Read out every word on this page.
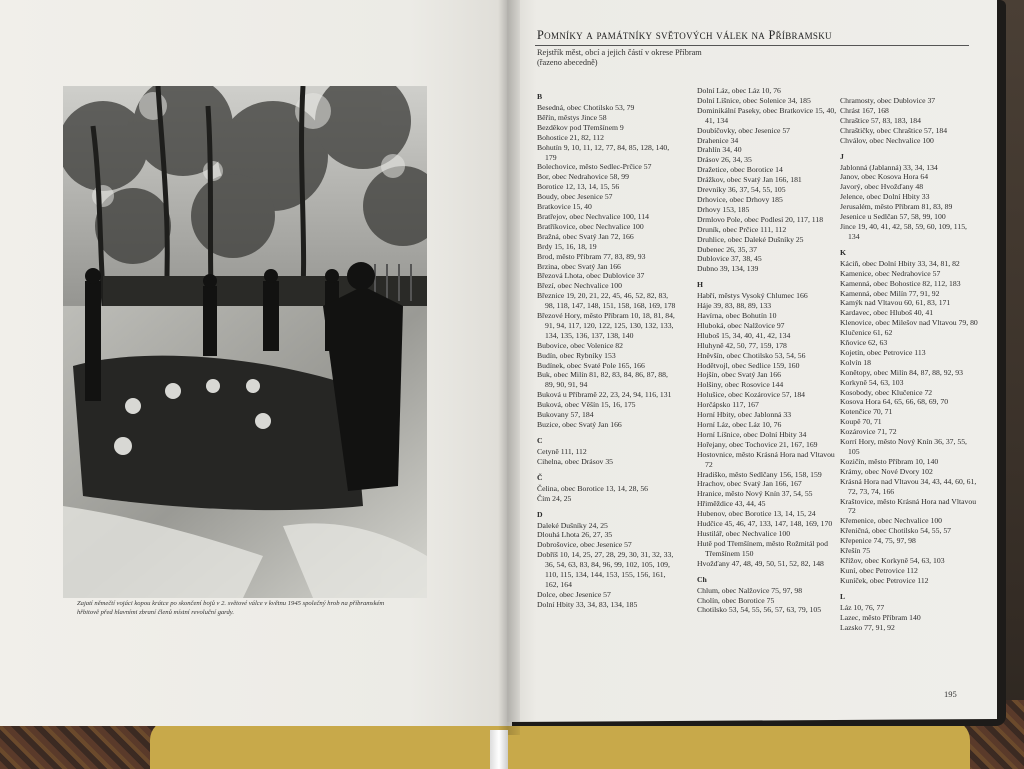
Zajatí němečtí vojáci kopou krátce po skončení bojů v 2. světové válce v květnu 1945 společný hrob na příbramském hřbitově před hlavními zbraní členů místní revoluční gardy.
Pomníky a památníky světových válek na Příbramsku
Rejstřík měst, obcí a jejich částí v okrese Příbram
(řazeno abecedně)
B
Besedná, obec Chotilsko 53, 79
Běřín, městys Jince 58
Bezděkov pod Třemšínem 9
Bohostice 21, 82, 112
Bohutín 9, 10, 11, 12, 77, 84, 85, 128, 140, 179
Bolechovice, město Sedlec-Prčice 57
Bor, obec Nedrahovice 58, 99
Borotice 12, 13, 14, 15, 56
Boudy, obec Jesenice 57
Bratkovice 15, 40
Bratřejov, obec Nechvalice 100, 114
Bratříkovice, obec Nechvalice 100
Bražná, obec Svatý Jan 72, 166
Brdy 15, 16, 18, 19
Brod, město Příbram 77, 83, 89, 93
Brzina, obec Svatý Jan 166
Březová Lhota, obec Dublovice 37
Březí, obec Nechvalice 100
Březnice 19, 20, 21, 22, 45, 46, 52, 82, 83, 98, 118, 147, 148, 151, 158, 168, 169, 178
Březové Hory, město Příbram 10, 18, 81, 84, 91, 94, 117, 120, 122, 125, 130, 132, 133, 134, 135, 136, 137, 138, 140
Bubovice, obec Volenice 82
Budín, obec Rybníky 153
Budínek, obec Svaté Pole 165, 166
Buk, obec Milín 81, 82, 83, 84, 86, 87, 88, 89, 90, 91, 94
Buková u Příbramě 22, 23, 24, 94, 116, 131
Buková, obec Věšín 15, 16, 175
Bukovany 57, 184
Buzice, obec Svatý Jan 166
C
Cetyně 111, 112
Cihelna, obec Drásov 35
Č
Čelina, obec Borotice 13, 14, 28, 56
Čím 24, 25
D
Daleké Dušníky 24, 25
Dlouhá Lhota 26, 27, 35
Dobrošovice, obec Jesenice 57
Dobříš 10, 14, 25, 27, 28, 29, 30, 31, 32, 33, 36, 54, 63, 83, 84, 96, 99, 102, 105, 109, 110, 115, 134, 144, 153, 155, 156, 161, 162, 164
Dolce, obec Jesenice 57
Dolní Hbity 33, 34, 83, 134, 185
Dolní Láz, obec Láz 10, 76
Dolní Líšnice, obec Solenice 34, 185
Dominikální Paseky, obec Bratkovice 15, 40, 41, 134
Doubíčovky, obec Jesenice 57
Drahenice 34
Drahlín 34, 40
Drásov 26, 34, 35
Dražetice, obec Borotice 14
Drážkov, obec Svatý Jan 166, 181
Drevníky 36, 37, 54, 55, 105
Drhovice, obec Drhovy 185
Drhovy 153, 185
Drmlovo Pole, obec Podlesí 20, 117, 118
Druník, obec Prčice 111, 112
Druhlice, obec Daleké Dušníky 25
Dubenec 26, 35, 37
Dublovice 37, 38, 45
Dubno 39, 134, 139
H
Habří, městys Vysoký Chlumec 166
Háje 39, 83, 88, 89, 133
Havírna, obec Bohutín 10
Hluboká, obec Nalžovice 97
Hluboš 15, 34, 40, 41, 42, 134
Hluhyně 42, 50, 77, 159, 178
Hněvšín, obec Chotilsko 53, 54, 56
Hodětvojl, obec Sedlice 159, 160
Hojšín, obec Svatý Jan 166
Holšiny, obec Rosovice 144
Holušice, obec Kozárovice 57, 184
Horčápsko 117, 167
Horní Hbity, obec Jablonná 33
Horní Láz, obec Láz 10, 76
Horní Líšnice, obec Dolní Hbity 34
Hořejany, obec Tochovice 21, 167, 169
Hostovnice, město Krásná Hora nad Vltavou 72
Hradiško, město Sedlčany 156, 158, 159
Hrachov, obec Svatý Jan 166, 167
Hranice, město Nový Knín 37, 54, 55
Hřiměždice 43, 44, 45
Hubenov, obec Borotice 13, 14, 15, 24
Hudčice 45, 46, 47, 133, 147, 148, 169, 170
Hustilář, obec Nechvalice 100
Hutě pod Třemšínem, město Rožmitál pod Třemšínem 150
Hvožďany 47, 48, 49, 50, 51, 52, 82, 148
Ch
Chlum, obec Nalžovice 75, 97, 98
Cholín, obec Borotice 75
Chotilsko 53, 54, 55, 56, 57, 63, 79, 105
Chramosty, obec Dublovice 37
Chrást 167, 168
Chraštice 57, 83, 183, 184
Chraštičky, obec Chraštice 57, 184
Chválov, obec Nechvalice 100
J
Jablonná (Jablanná) 33, 34, 134
Janov, obec Kosova Hora 64
Javorý, obec Hvožďany 48
Jelence, obec Dolní Hbity 33
Jerusalém, město Příbram 81, 83, 89
Jesenice u Sedlčan 57, 58, 99, 100
Jince 19, 40, 41, 42, 58, 59, 60, 109, 115, 134
K
Káciň, obec Dolní Hbity 33, 34, 81, 82
Kamenice, obec Nedrahovice 57
Kamenná, obec Bohostice 82, 112, 183
Kamenná, obec Milín 77, 91, 92
Kamýk nad Vltavou 60, 61, 83, 171
Kardavec, obec Hluboš 40, 41
Klenovice, obec Milešov nad Vltavou 79, 80
Klučenice 61, 62
Kňovice 62, 63
Kojetín, obec Petrovice 113
Kolvín 18
Konětopy, obec Milín 84, 87, 88, 92, 93
Korkyně 54, 63, 103
Kosobody, obec Klučenice 72
Kosova Hora 64, 65, 66, 68, 69, 70
Kotenčice 70, 71
Koupě 70, 71
Kozárovice 71, 72
Korrí Hory, město Nový Knín 36, 37, 55, 105
Kozičín, město Příbram 10, 140
Krámy, obec Nové Dvory 102
Krásná Hora nad Vltavou 34, 43, 44, 60, 61, 72, 73, 74, 166
Kraštovice, město Krásná Hora nad Vltavou 72
Křemenice, obec Nechvalice 100
Křeničná, obec Chotilsko 54, 55, 57
Křepenice 74, 75, 97, 98
Křešín 75
Křížov, obec Korkyně 54, 63, 103
Kuní, obec Petrovice 112
Kuníček, obec Petrovice 112
L
Láz 10, 76, 77
Lazec, město Příbram 140
Lazsko 77, 91, 92
195
